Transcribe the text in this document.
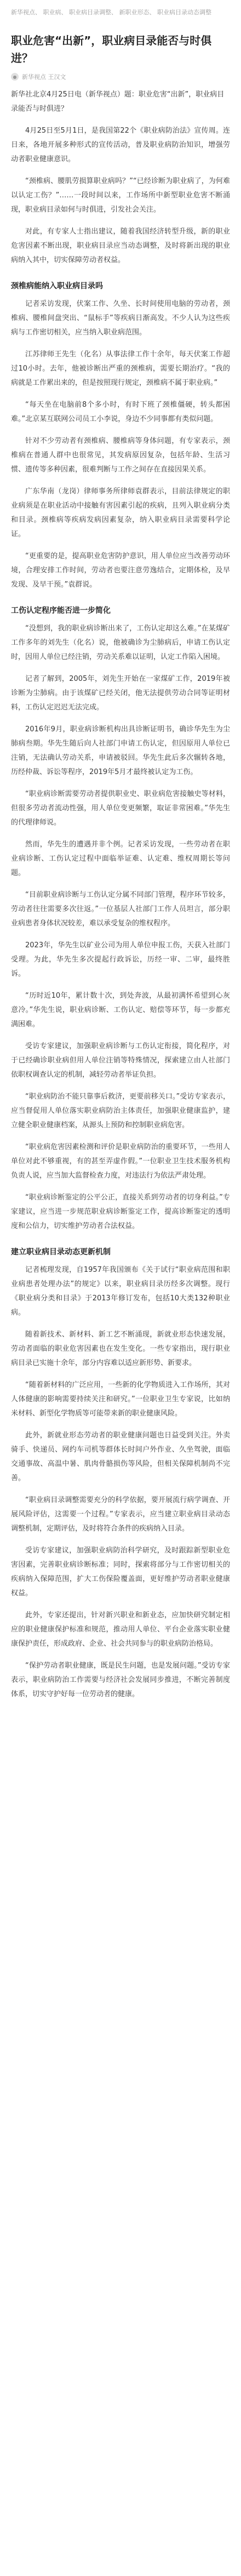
新华视点、 职业病、 职业病目录调整、 新职业形态、 职业病目录动态调整
职业危害“出新”，职业病目录能否与时俱进？
● 新华视点
王汉文
新华社北京4月25日电（新华视点）题：职业危害“出新”，职业病目录能否与时俱进？

4月25日至5月1日，是我国第22个《职业病防治法》宣传周。连日来，各地开展多种形式的宣传活动，普及职业病防治知识，增强劳动者职业健康意识。

“颈椎病、腰肌劳损算职业病吗？”“已经诊断为职业病了，为何难以认定工伤？”……一段时间以来，工作场所中新型职业危害不断涌现，职业病目录如何与时俱进，引发社会关注。

对此，有专家人士指出建议，随着我国经济转型升级，新的职业危害因素不断出现，职业病目录应当动态调整，及时将新出现的职业病纳入其中，切实保障劳动者权益。

颈椎病能纳入职业病目录吗

记者采访发现，伏案工作、久坐、长时间使用电脑的劳动者，颈椎病、腰椎间盘突出、“鼠标手”等疾病日渐高发。不少人认为这些疾病与工作密切相关，应当纳入职业病范围。

江苏律师王先生（化名）从事法律工作十余年，每天伏案工作超过10小时。去年，他被诊断出严重的颈椎病，需要长期治疗。“我的病就是工作累出来的，但是按照现行规定，颈椎病不属于职业病。”

“每天坐在电脑前8个多小时，有时下班了颈椎僵硬，转头都困难。”北京某互联网公司员工小李说，身边不少同事都有类似问题。

针对不少劳动者有颈椎病、腰椎病等身体问题，有专家表示，颈椎病在普通人群中也很常见，其发病原因复杂，包括年龄、生活习惯、遗传等多种因素，很难判断与工作之间存在直接因果关系。

广东华南（龙岗）律师事务所律师袁群表示，目前法律规定的职业病须是在职业活动中接触有害因素引起的疾病，且列入职业病分类和目录。颈椎病等疾病发病因素复杂，纳入职业病目录需要科学论证。

“更重要的是，提高职业危害防护意识，用人单位应当改善劳动环境，合理安排工作时间，劳动者也要注意劳逸结合，定期体检，及早发现、及早干预。”袁群说。

工伤认定程序能否进一步简化

“没想到，我的职业病诊断出来了，工伤认定却这么难。”在某煤矿工作多年的刘先生（化名）说，他被确诊为尘肺病后，申请工伤认定时，因用人单位已经注销，劳动关系难以证明，认定工作陷入困境。

记者了解到，2005年，刘先生开始在一家煤矿工作，2019年被诊断为尘肺病。由于该煤矿已经关闭，他无法提供劳动合同等证明材料，工伤认定迟迟无法完成。

2016年9月，职业病诊断机构出具诊断证明书，确诊华先生为尘肺病叁期。华先生随后向人社部门申请工伤认定，但因原用人单位已注销，无法确认劳动关系，申请被驳回。华先生此后多次辗转各地，历经仲裁、诉讼等程序，2019年5月才最终被认定为工伤。

“职业病诊断需要劳动者提供职业史、职业病危害接触史等材料，但很多劳动者流动性强，用人单位变更频繁，取证非常困难。”华先生的代理律师说。

然而，华先生的遭遇并非个例。记者采访发现，一些劳动者在职业病诊断、工伤认定过程中面临举证难、认定难、维权周期长等问题。

“目前职业病诊断与工伤认定分属不同部门管理，程序环节较多，劳动者往往需要多次往返。”一位基层人社部门工作人员坦言，部分职业病患者身体状况较差，难以承受复杂的维权程序。

2023年，华先生以矿业公司为用人单位申报工伤，天获入社部门受理。为此，华先生多次提起行政诉讼，历经一审、二审，最终胜诉。

“历时近10年，累计数十次，到处奔波，从最初满怀希望到心灰意冷。”华先生说，职业病诊断、工伤认定、赔偿等环节，每一步都充满困难。

受访专家建议，加强职业病诊断与工伤认定衔接，简化程序，对于已经确诊职业病但用人单位注销等特殊情况，探索建立由人社部门依职权调查认定的机制，减轻劳动者举证负担。

“职业病防治不能只靠事后救济，更要前移关口。”受访专家表示，应当督促用人单位落实职业病防治主体责任，加强职业健康监护，建立健全职业健康档案，从源头上预防和控制职业病危害。

“职业病危害因素检测和评价是职业病防治的重要环节，一些用人单位对此不够重视，有的甚至弄虚作假。”一位职业卫生技术服务机构负责人说，应当加大监督检查力度，对违法行为依法严肃处理。

“职业病诊断鉴定的公平公正，直接关系到劳动者的切身利益。”专家建议，应当进一步规范职业病诊断鉴定工作，提高诊断鉴定的透明度和公信力，切实维护劳动者合法权益。

建立职业病目录动态更新机制

记者梳理发现，自1957年我国颁布《关于试行“职业病范围和职业病患者处理办法”的规定》以来，职业病目录历经多次调整。现行《职业病分类和目录》于2013年修订发布，包括10大类132种职业病。

随着新技术、新材料、新工艺不断涌现，新就业形态快速发展，劳动者面临的职业危害因素也在发生变化。一些专家指出，现行职业病目录已实施十余年，部分内容难以适应新形势、新要求。

“随着新材料的广泛应用，一些新的化学物质进入工作场所，其对人体健康的影响需要持续关注和研究。”一位职业卫生专家说，比如纳米材料、新型化学物质等可能带来新的职业健康风险。

此外，新就业形态劳动者的职业健康问题也日益受到关注。外卖骑手、快递员、网约车司机等群体长时间户外作业、久坐驾驶，面临交通事故、高温中暑、肌肉骨骼损伤等风险，但相关保障机制尚不完善。

“职业病目录调整需要充分的科学依据，要开展流行病学调查、开展风险评估，这需要一个过程。”专家表示，应当建立职业病目录动态调整机制，定期评估，及时将符合条件的疾病纳入目录。

受访专家建议，加强职业病防治科学研究，及时跟踪新型职业危害因素，完善职业病诊断标准；同时，探索将部分与工作密切相关的疾病纳入保障范围，扩大工伤保险覆盖面，更好维护劳动者职业健康权益。

此外，专家还提出，针对新兴职业和新业态，应加快研究制定相应的职业健康保护标准和规范，推动用人单位、平台企业落实职业健康保护责任，形成政府、企业、社会共同参与的职业病防治格局。

“保护劳动者职业健康，既是民生问题，也是发展问题。”受访专家表示，职业病防治工作需要与经济社会发展同步推进，不断完善制度体系，切实守护好每一位劳动者的健康。
